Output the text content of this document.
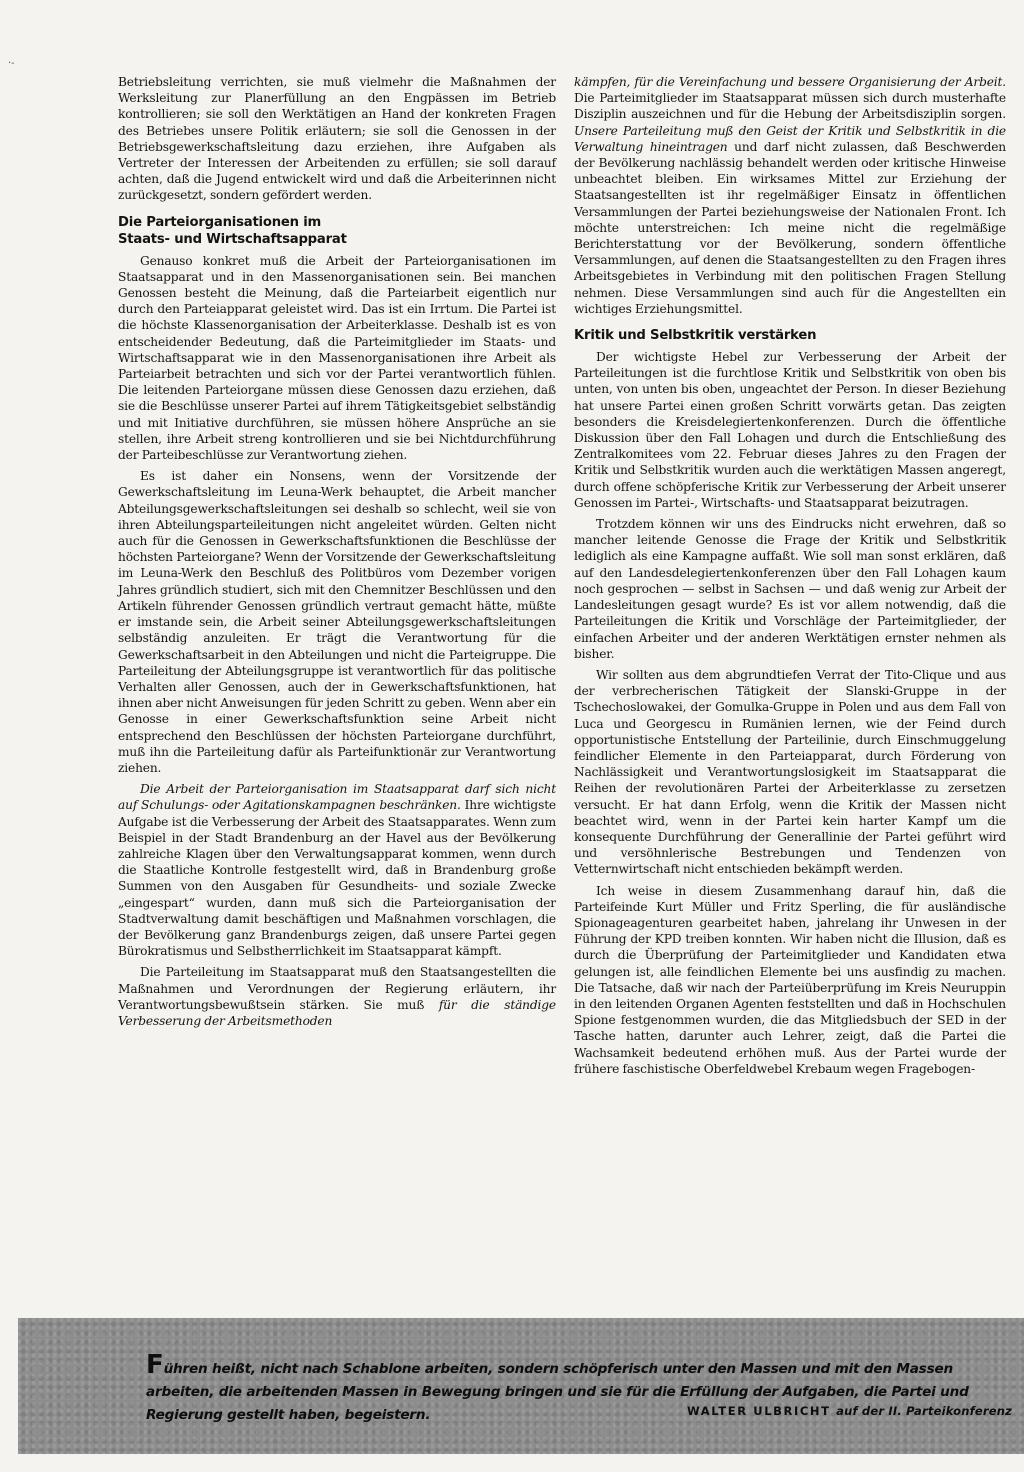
·-

Betriebsleitung verrichten, sie muß vielmehr die Maßnahmen der Werksleitung zur Planerfüllung an den Engpässen im Betrieb kontrollieren; sie soll den Werktätigen an Hand der konkreten Fragen des Betriebes unsere Politik erläutern; sie soll die Genossen in der Betriebsgewerkschaftsleitung dazu erziehen, ihre Aufgaben als Vertreter der Interessen der Arbeitenden zu erfüllen; sie soll darauf achten, daß die Jugend entwickelt wird und daß die Arbeiterinnen nicht zurückgesetzt, sondern gefördert werden.

Die Parteiorganisationen im
Staats- und Wirtschaftsapparat

Genauso konkret muß die Arbeit der Parteiorganisationen im Staatsapparat und in den Massenorganisationen sein. Bei manchen Genossen besteht die Meinung, daß die Parteiarbeit eigentlich nur durch den Parteiapparat geleistet wird. Das ist ein Irrtum. Die Partei ist die höchste Klassenorganisation der Arbeiterklasse. Deshalb ist es von entscheidender Bedeutung, daß die Parteimitglieder im Staats- und Wirtschaftsapparat wie in den Massenorganisationen ihre Arbeit als Parteiarbeit betrachten und sich vor der Partei verantwortlich fühlen. Die leitenden Parteiorgane müssen diese Genossen dazu erziehen, daß sie die Beschlüsse unserer Partei auf ihrem Tätigkeitsgebiet selbständig und mit Initiative durchführen, sie müssen höhere Ansprüche an sie stellen, ihre Arbeit streng kontrollieren und sie bei Nichtdurchführung der Parteibeschlüsse zur Verantwortung ziehen.

Es ist daher ein Nonsens, wenn der Vorsitzende der Gewerkschaftsleitung im Leuna-Werk behauptet, die Arbeit mancher Abteilungsgewerkschaftsleitungen sei deshalb so schlecht, weil sie von ihren Abteilungsparteileitungen nicht angeleitet würden. Gelten nicht auch für die Genossen in Gewerkschaftsfunktionen die Beschlüsse der höchsten Parteiorgane? Wenn der Vorsitzende der Gewerkschaftsleitung im Leuna-Werk den Beschluß des Politbüros vom Dezember vorigen Jahres gründlich studiert, sich mit den Chemnitzer Beschlüssen und den Artikeln führender Genossen gründlich vertraut gemacht hätte, müßte er imstande sein, die Arbeit seiner Abteilungsgewerkschaftsleitungen selbständig anzuleiten. Er trägt die Verantwortung für die Gewerkschaftsarbeit in den Abteilungen und nicht die Parteigruppe. Die Parteileitung der Abteilungsgruppe ist verantwortlich für das politische Verhalten aller Genossen, auch der in Gewerkschaftsfunktionen, hat ihnen aber nicht Anweisungen für jeden Schritt zu geben. Wenn aber ein Genosse in einer Gewerkschaftsfunktion seine Arbeit nicht entsprechend den Beschlüssen der höchsten Parteiorgane durchführt, muß ihn die Parteileitung dafür als Parteifunktionär zur Verantwortung ziehen.

Die Arbeit der Parteiorganisation im Staatsapparat darf sich nicht auf Schulungs- oder Agitationskampagnen beschränken. Ihre wichtigste Aufgabe ist die Verbesserung der Arbeit des Staatsapparates. Wenn zum Beispiel in der Stadt Brandenburg an der Havel aus der Bevölkerung zahlreiche Klagen über den Verwaltungsapparat kommen, wenn durch die Staatliche Kontrolle festgestellt wird, daß in Brandenburg große Summen von den Ausgaben für Gesundheits- und soziale Zwecke „eingespart“ wurden, dann muß sich die Parteiorganisation der Stadtverwaltung damit beschäftigen und Maßnahmen vorschlagen, die der Bevölkerung ganz Brandenburgs zeigen, daß unsere Partei gegen Bürokratismus und Selbstherrlichkeit im Staatsapparat kämpft.

Die Parteileitung im Staatsapparat muß den Staatsangestellten die Maßnahmen und Verordnungen der Regierung erläutern, ihr Verantwortungsbewußtsein stärken. Sie muß für die ständige Verbesserung der Arbeitsmethoden

kämpfen, für die Vereinfachung und bessere Organisierung der Arbeit. Die Parteimitglieder im Staatsapparat müssen sich durch musterhafte Disziplin auszeichnen und für die Hebung der Arbeitsdisziplin sorgen. Unsere Parteileitung muß den Geist der Kritik und Selbstkritik in die Verwaltung hineintragen und darf nicht zulassen, daß Beschwerden der Bevölkerung nachlässig behandelt werden oder kritische Hinweise unbeachtet bleiben. Ein wirksames Mittel zur Erziehung der Staatsangestellten ist ihr regelmäßiger Einsatz in öffentlichen Versammlungen der Partei beziehungsweise der Nationalen Front. Ich möchte unterstreichen: Ich meine nicht die regelmäßige Berichterstattung vor der Bevölkerung, sondern öffentliche Versammlungen, auf denen die Staatsangestellten zu den Fragen ihres Arbeitsgebietes in Verbindung mit den politischen Fragen Stellung nehmen. Diese Versammlungen sind auch für die Angestellten ein wichtiges Erziehungsmittel.

Kritik und Selbstkritik verstärken

Der wichtigste Hebel zur Verbesserung der Arbeit der Parteileitungen ist die furchtlose Kritik und Selbstkritik von oben bis unten, von unten bis oben, ungeachtet der Person. In dieser Beziehung hat unsere Partei einen großen Schritt vorwärts getan. Das zeigten besonders die Kreisdelegiertenkonferenzen. Durch die öffentliche Diskussion über den Fall Lohagen und durch die Entschließung des Zentralkomitees vom 22. Februar dieses Jahres zu den Fragen der Kritik und Selbstkritik wurden auch die werktätigen Massen angeregt, durch offene schöpferische Kritik zur Verbesserung der Arbeit unserer Genossen im Partei-, Wirtschafts- und Staatsapparat beizutragen.

Trotzdem können wir uns des Eindrucks nicht erwehren, daß so mancher leitende Genosse die Frage der Kritik und Selbstkritik lediglich als eine Kampagne auffaßt. Wie soll man sonst erklären, daß auf den Landesdelegiertenkonferenzen über den Fall Lohagen kaum noch gesprochen — selbst in Sachsen — und daß wenig zur Arbeit der Landesleitungen gesagt wurde? Es ist vor allem notwendig, daß die Parteileitungen die Kritik und Vorschläge der Parteimitglieder, der einfachen Arbeiter und der anderen Werktätigen ernster nehmen als bisher.

Wir sollten aus dem abgrundtiefen Verrat der Tito-Clique und aus der verbrecherischen Tätigkeit der Slanski-Gruppe in der Tschechoslowakei, der Gomulka-Gruppe in Polen und aus dem Fall von Luca und Georgescu in Rumänien lernen, wie der Feind durch opportunistische Entstellung der Parteilinie, durch Einschmuggelung feindlicher Elemente in den Parteiapparat, durch Förderung von Nachlässigkeit und Verantwortungslosigkeit im Staatsapparat die Reihen der revolutionären Partei der Arbeiterklasse zu zersetzen versucht. Er hat dann Erfolg, wenn die Kritik der Massen nicht beachtet wird, wenn in der Partei kein harter Kampf um die konsequente Durchführung der Generallinie der Partei geführt wird und versöhnlerische Bestrebungen und Tendenzen von Vetternwirtschaft nicht entschieden bekämpft werden.

Ich weise in diesem Zusammenhang darauf hin, daß die Parteifeinde Kurt Müller und Fritz Sperling, die für ausländische Spionageagenturen gearbeitet haben, jahrelang ihr Unwesen in der Führung der KPD treiben konnten. Wir haben nicht die Illusion, daß es durch die Überprüfung der Parteimitglieder und Kandidaten etwa gelungen ist, alle feindlichen Elemente bei uns ausfindig zu machen. Die Tatsache, daß wir nach der Parteiüberprüfung im Kreis Neuruppin in den leitenden Organen Agenten feststellten und daß in Hochschulen Spione festgenommen wurden, die das Mitgliedsbuch der SED in der Tasche hatten, darunter auch Lehrer, zeigt, daß die Partei die Wachsamkeit bedeutend erhöhen muß. Aus der Partei wurde der frühere faschistische Oberfeldwebel Krebaum wegen Fragebogen-

Führen heißt, nicht nach Schablone arbeiten, sondern schöpferisch unter den Massen und mit den Massen arbeiten, die arbeitenden Massen in Bewegung bringen und sie für die Erfüllung der Aufgaben, die Partei und Regierung gestellt haben, begeistern.	WALTER ULBRICHT auf der II. Parteikonferenz
